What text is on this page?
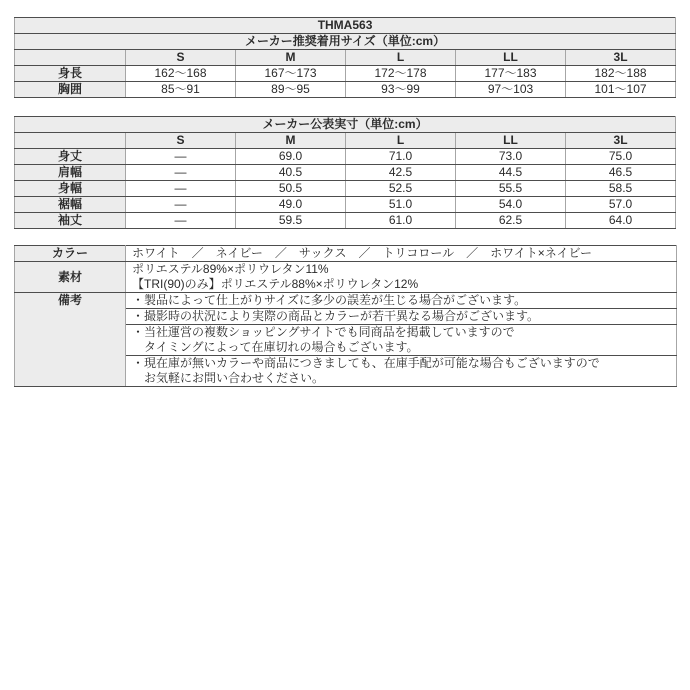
THMA563					
メーカー推奨着用サイズ（単位:cm）					
	S	M	L	LL	3L
身長	162～168	167～173	172～178	177～183	182～188
胸囲	85～91	89～95	93～99	97～103	101～107
メーカー公表実寸（単位:cm）					
	S	M	L	LL	3L
身丈	―	69.0	71.0	73.0	75.0
肩幅	―	40.5	42.5	44.5	46.5
身幅	―	50.5	52.5	55.5	58.5
裾幅	―	49.0	51.0	54.0	57.0
袖丈	―	59.5	61.0	62.5	64.0
カラー	ホワイト　／　ネイビー　／　サックス　／　トリコロール　／　ホワイト×ネイビー
素材	ポリエステル89%×ポリウレタン11%
【TRI(90)のみ】ポリエステル88%×ポリウレタン12%

備考	・製品によって仕上がりサイズに多少の誤差が生じる場合がございます。

	・撮影時の状況により実際の商品とカラーが若干異なる場合がございます。

	・当社運営の複数ショッピングサイトでも同商品を掲載していますので
タイミングによって在庫切れの場合もございます。

	・現在庫が無いカラーや商品につきましても、在庫手配が可能な場合もございますので
お気軽にお問い合わせください。
